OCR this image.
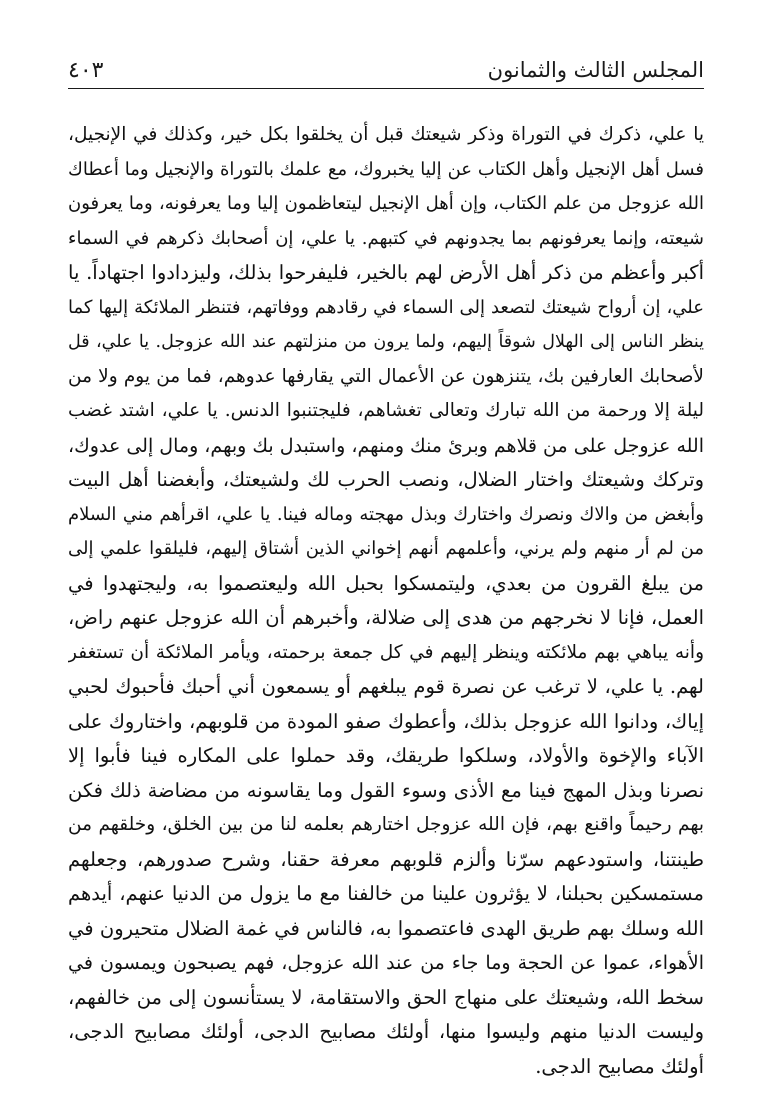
المجلس الثالث والثمانون
٤٠٣
يا علي، ذكرك في التوراة وذكر شيعتك قبل أن يخلقوا بكل خير، وكذلك في الإنجيل،
فسل أهل الإنجيل وأهل الكتاب عن إليا يخبروك، مع علمك بالتوراة والإنجيل وما أعطاك
الله عزوجل من علم الكتاب، وإن أهل الإنجيل ليتعاظمون إليا وما يعرفونه، وما يعرفون
شيعته، وإنما يعرفونهم بما يجدونهم في كتبهم. يا علي، إن أصحابك ذكرهم في السماء
أكبر وأعظم من ذكر أهل الأرض لهم بالخير، فليفرحوا بذلك، وليزدادوا اجتهاداً. يا
علي، إن أرواح شيعتك لتصعد إلى السماء في رقادهم ووفاتهم، فتنظر الملائكة إليها كما
ينظر الناس إلى الهلال شوقاً إليهم، ولما يرون من منزلتهم عند الله عزوجل. يا علي، قل
لأصحابك العارفين بك، يتنزهون عن الأعمال التي يقارفها عدوهم، فما من يوم ولا من
ليلة إلا ورحمة من الله تبارك وتعالى تغشاهم، فليجتنبوا الدنس. يا علي، اشتد غضب
الله عزوجل على من قلاهم وبرئ منك ومنهم، واستبدل بك وبهم، ومال إلى عدوك،
وتركك وشيعتك واختار الضلال، ونصب الحرب لك ولشيعتك، وأبغضنا أهل البيت
وأبغض من والاك ونصرك واختارك وبذل مهجته وماله فينا. يا علي، اقرأهم مني السلام
من لم أر منهم ولم يرني، وأعلمهم أنهم إخواني الذين أشتاق إليهم، فليلقوا علمي إلى
من يبلغ القرون من بعدي، وليتمسكوا بحبل الله وليعتصموا به، وليجتهدوا في
العمل، فإنا لا نخرجهم من هدى إلى ضلالة، وأخبرهم أن الله عزوجل عنهم راض،
وأنه يباهي بهم ملائكته وينظر إليهم في كل جمعة برحمته، ويأمر الملائكة أن تستغفر
لهم. يا علي، لا ترغب عن نصرة قوم يبلغهم أو يسمعون أني أحبك فأحبوك لحبي
إياك، ودانوا الله عزوجل بذلك، وأعطوك صفو المودة من قلوبهم، واختاروك على
الآباء والإخوة والأولاد، وسلكوا طريقك، وقد حملوا على المكاره فينا فأبوا إلا
نصرنا وبذل المهج فينا مع الأذى وسوء القول وما يقاسونه من مضاضة ذلك فكن
بهم رحيماً واقنع بهم، فإن الله عزوجل اختارهم بعلمه لنا من بين الخلق، وخلقهم من
طينتنا، واستودعهم سرّنا وألزم قلوبهم معرفة حقنا، وشرح صدورهم، وجعلهم
مستمسكين بحبلنا، لا يؤثرون علينا من خالفنا مع ما يزول من الدنيا عنهم، أيدهم
الله وسلك بهم طريق الهدى فاعتصموا به، فالناس في غمة الضلال متحيرون في
الأهواء، عموا عن الحجة وما جاء من عند الله عزوجل، فهم يصبحون ويمسون في
سخط الله، وشيعتك على منهاج الحق والاستقامة، لا يستأنسون إلى من خالفهم،
وليست الدنيا منهم وليسوا منها، أولئك مصابيح الدجى، أولئك مصابيح الدجى،
أولئك مصابيح الدجى.
